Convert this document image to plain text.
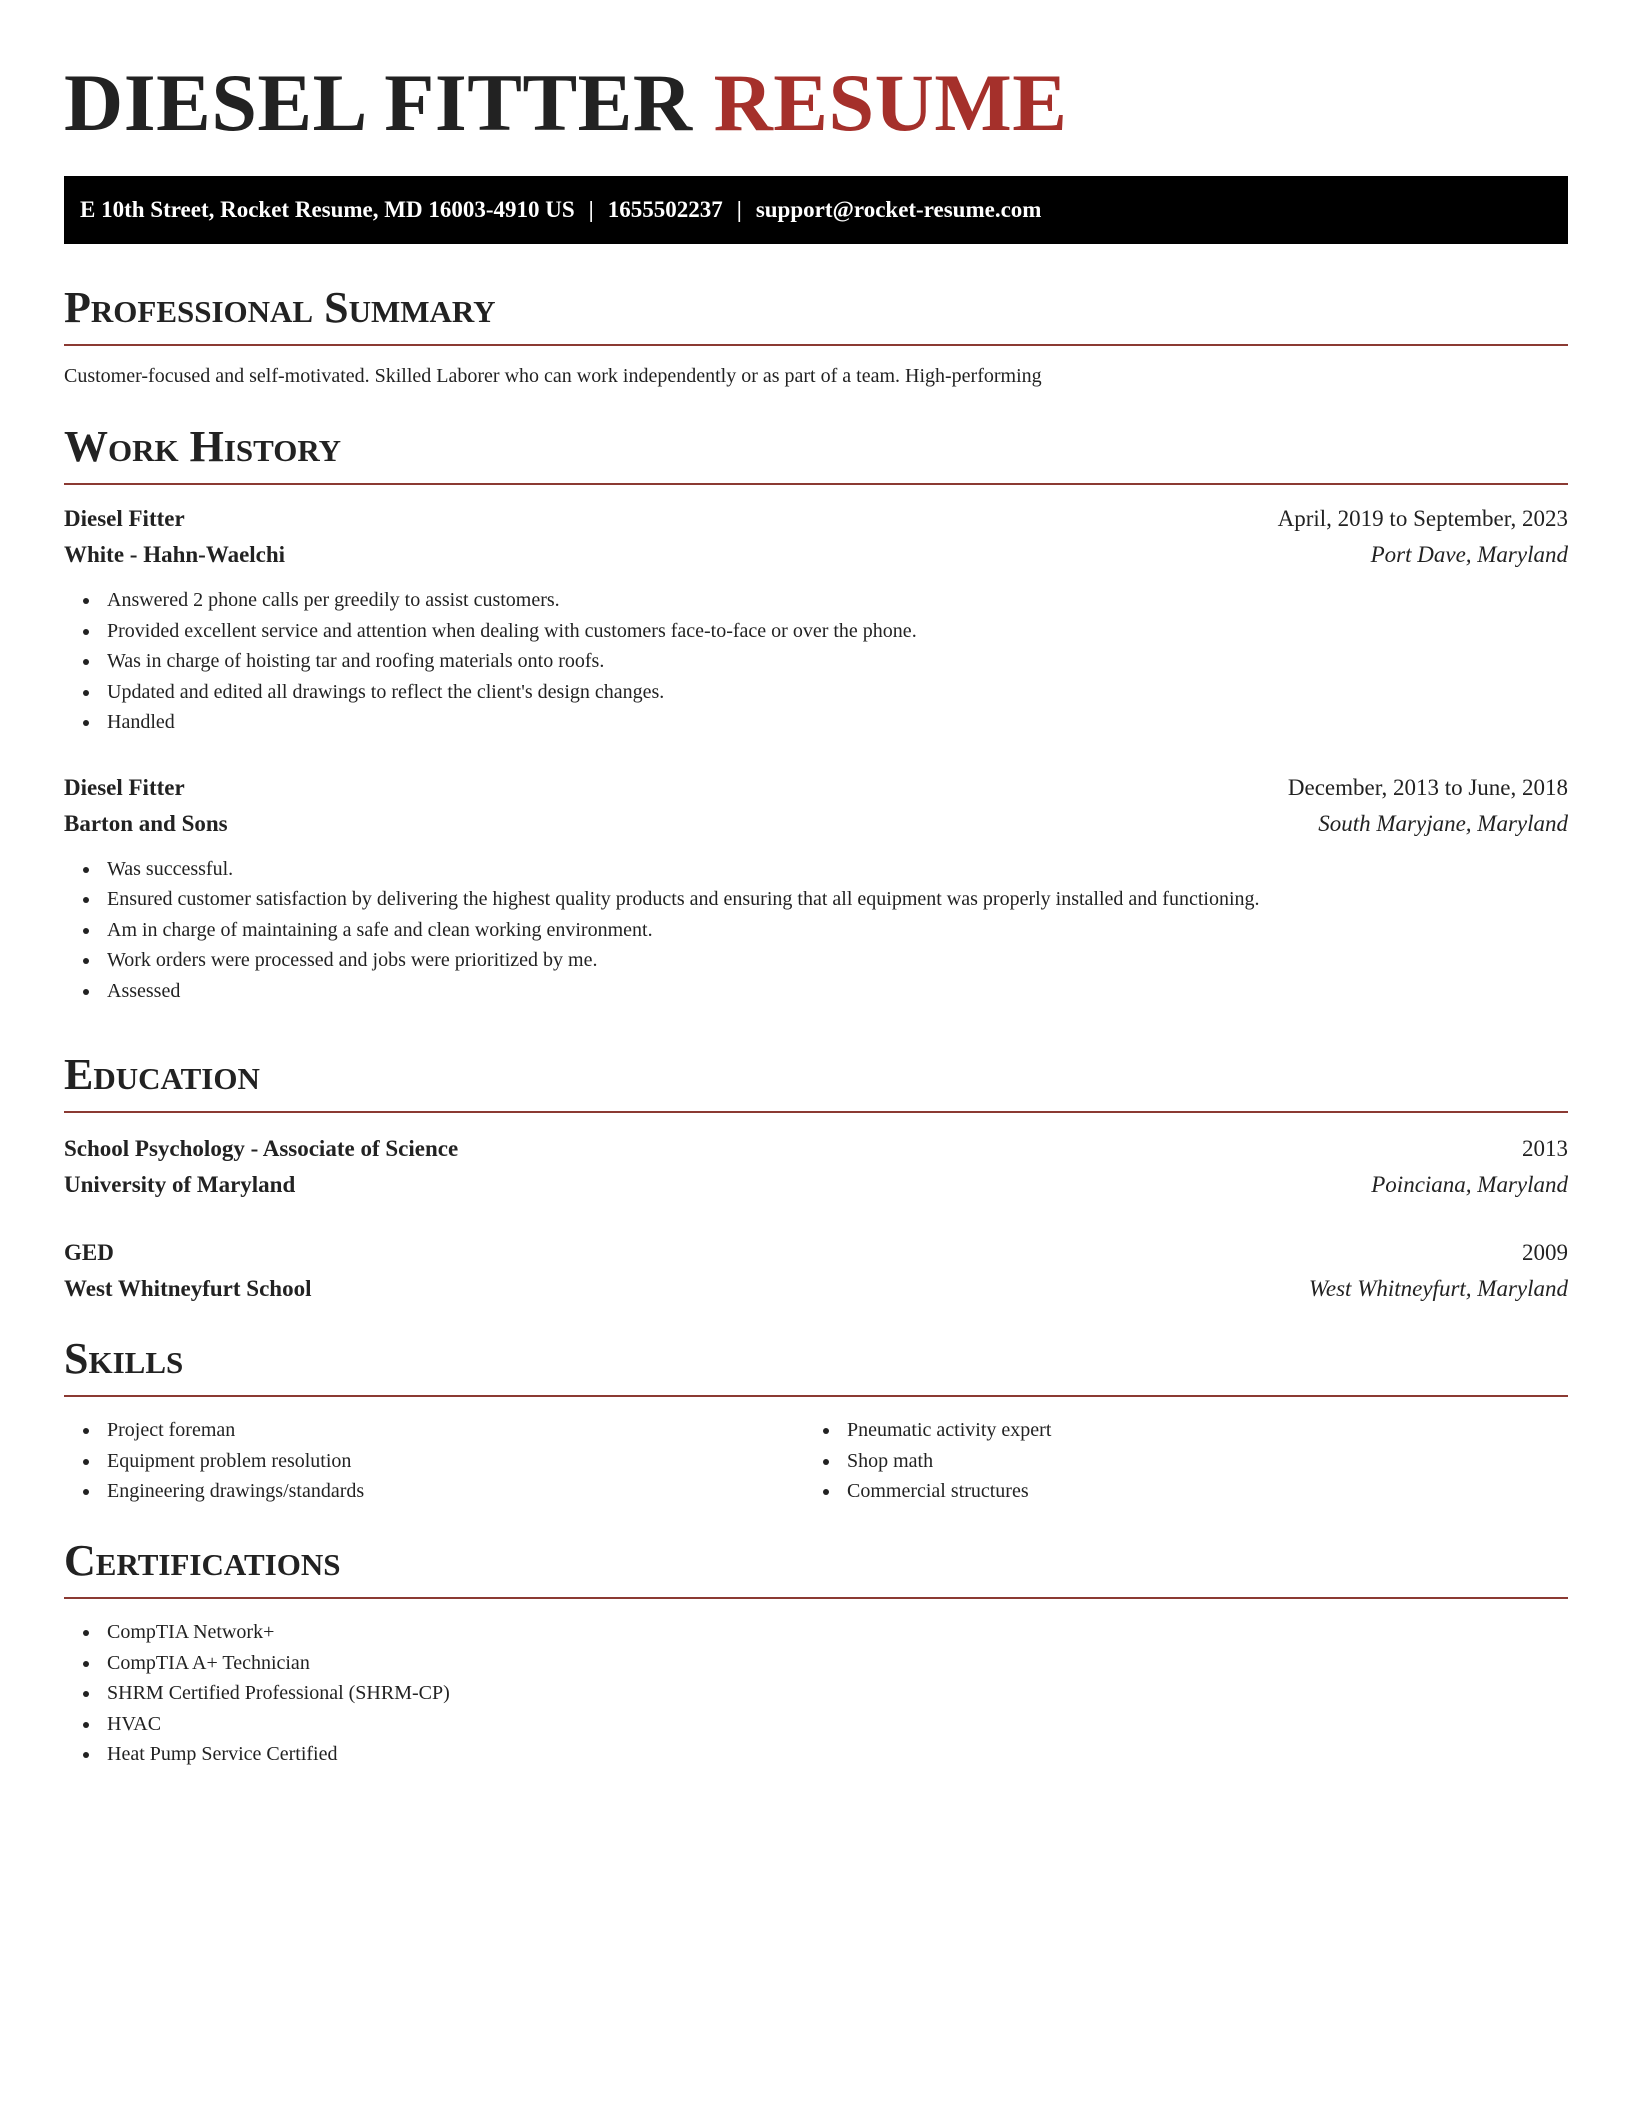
DIESEL FITTER RESUME
E 10th Street, Rocket Resume, MD 16003-4910 US | 1655502237 | support@rocket-resume.com
Professional Summary
Customer-focused and self-motivated. Skilled Laborer who can work independently or as part of a team. High-performing
Work History
Diesel Fitter	April, 2019 to September, 2023
White - Hahn-Waelchi	Port Dave, Maryland
Answered 2 phone calls per greedily to assist customers.
Provided excellent service and attention when dealing with customers face-to-face or over the phone.
Was in charge of hoisting tar and roofing materials onto roofs.
Updated and edited all drawings to reflect the client's design changes.
Handled
Diesel Fitter	December, 2013 to June, 2018
Barton and Sons	South Maryjane, Maryland
Was successful.
Ensured customer satisfaction by delivering the highest quality products and ensuring that all equipment was properly installed and functioning.
Am in charge of maintaining a safe and clean working environment.
Work orders were processed and jobs were prioritized by me.
Assessed
Education
School Psychology - Associate of Science	2013
University of Maryland	Poinciana, Maryland
GED	2009
West Whitneyfurt School	West Whitneyfurt, Maryland
Skills
Project foreman
Equipment problem resolution
Engineering drawings/standards
Pneumatic activity expert
Shop math
Commercial structures
Certifications
CompTIA Network+
CompTIA A+ Technician
SHRM Certified Professional (SHRM-CP)
HVAC
Heat Pump Service Certified
